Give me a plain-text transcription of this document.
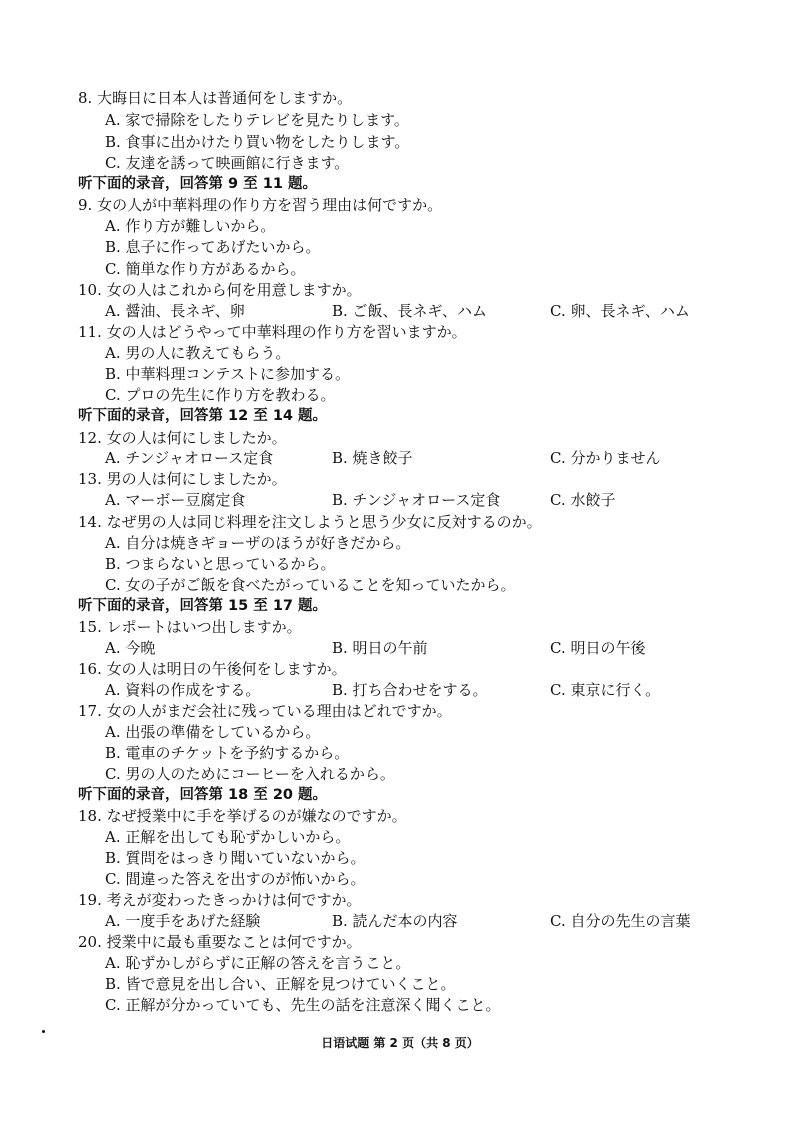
8. 大晦日に日本人は普通何をしますか。
A. 家で掃除をしたりテレビを見たりします。
B. 食事に出かけたり買い物をしたりします。
C. 友達を誘って映画館に行きます。
听下面的录音，回答第 9 至 11 题。
9. 女の人が中華料理の作り方を習う理由は何ですか。
A. 作り方が難しいから。
B. 息子に作ってあげたいから。
C. 簡単な作り方があるから。
10. 女の人はこれから何を用意しますか。
A. 醤油、長ネギ、卵	B. ご飯、長ネギ、ハム	C. 卵、長ネギ、ハム
11. 女の人はどうやって中華料理の作り方を習いますか。
A. 男の人に教えてもらう。
B. 中華料理コンテストに参加する。
C. プロの先生に作り方を教わる。
听下面的录音，回答第 12 至 14 题。
12. 女の人は何にしましたか。
A. チンジャオロース定食	B. 焼き餃子	C. 分かりません
13. 男の人は何にしましたか。
A. マーボー豆腐定食	B. チンジャオロース定食	C. 水餃子
14. なぜ男の人は同じ料理を注文しようと思う少女に反対するのか。
A. 自分は焼きギョーザのほうが好きだから。
B. つまらないと思っているから。
C. 女の子がご飯を食べたがっていることを知っていたから。
听下面的录音，回答第 15 至 17 题。
15. レポートはいつ出しますか。
A. 今晩	B. 明日の午前	C. 明日の午後
16. 女の人は明日の午後何をしますか。
A. 資料の作成をする。	B. 打ち合わせをする。	C. 東京に行く。
17. 女の人がまだ会社に残っている理由はどれですか。
A. 出張の準備をしているから。
B. 電車のチケットを予約するから。
C. 男の人のためにコーヒーを入れるから。
听下面的录音，回答第 18 至 20 题。
18. なぜ授業中に手を挙げるのが嫌なのですか。
A. 正解を出しても恥ずかしいから。
B. 質問をはっきり聞いていないから。
C. 間違った答えを出すのが怖いから。
19. 考えが変わったきっかけは何ですか。
A. 一度手をあげた経験	B. 読んだ本の内容	C. 自分の先生の言葉
20. 授業中に最も重要なことは何ですか。
A. 恥ずかしがらずに正解の答えを言うこと。
B. 皆で意見を出し合い、正解を見つけていくこと。
C. 正解が分かっていても、先生の話を注意深く聞くこと。
日语试题 第 2 页（共 8 页）
